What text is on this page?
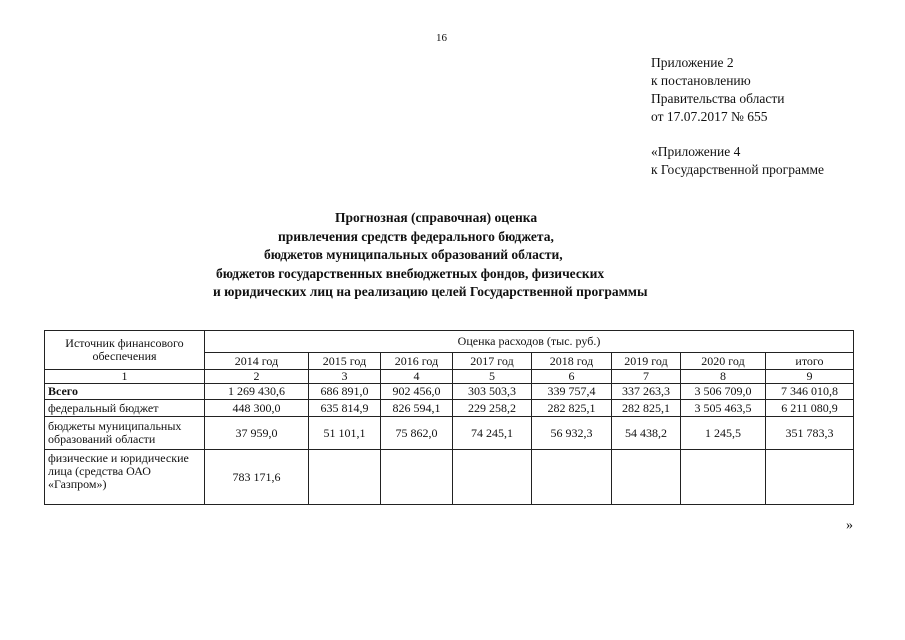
16
Приложение 2
к постановлению
Правительства области
от 17.07.2017 № 655
«Приложение 4
к Государственной программе
Прогнозная (справочная) оценка
привлечения средств федерального бюджета,
бюджетов муниципальных образований области,
бюджетов государственных внебюджетных фондов, физических
и юридических лиц на реализацию целей Государственной программы
Источник финансового обеспечения	Оценка расходов (тыс. руб.)							
	2014 год	2015 год	2016 год	2017 год	2018 год	2019 год	2020 год	итого
1	2	3	4	5	6	7	8	9
Всего	1 269 430,6	686 891,0	902 456,0	303 503,3	339 757,4	337 263,3	3 506 709,0	7 346 010,8
федеральный бюджет	448 300,0	635 814,9	826 594,1	229 258,2	282 825,1	282 825,1	3 505 463,5	6 211 080,9
бюджеты муниципальных образований области	37 959,0	51 101,1	75 862,0	74 245,1	56 932,3	54 438,2	1 245,5	351 783,3
физические и юридические лица (средства ОАО «Газпром»)	783 171,6							
»
